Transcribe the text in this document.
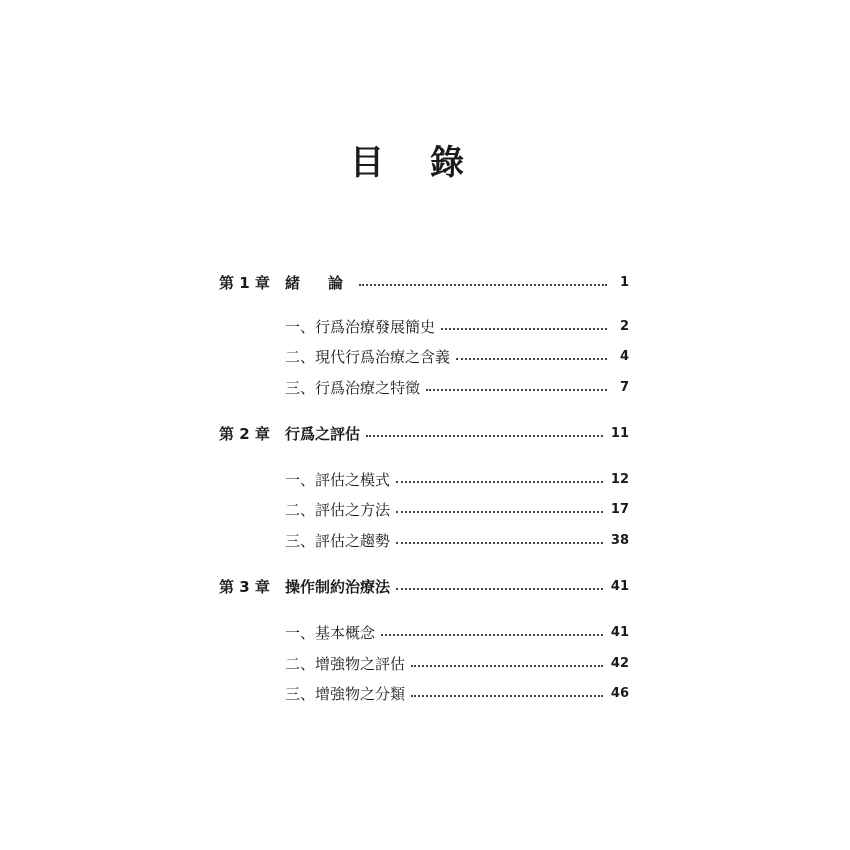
目錄
第 1 章	緒論	1
一、行爲治療發展簡史	2
二、現代行爲治療之含義	4
三、行爲治療之特徵	7
第 2 章	行爲之評估	11
一、評估之模式	12
二、評估之方法	17
三、評估之趨勢	38
第 3 章	操作制約治療法	41
一、基本概念	41
二、增強物之評估	42
三、增強物之分類	46
